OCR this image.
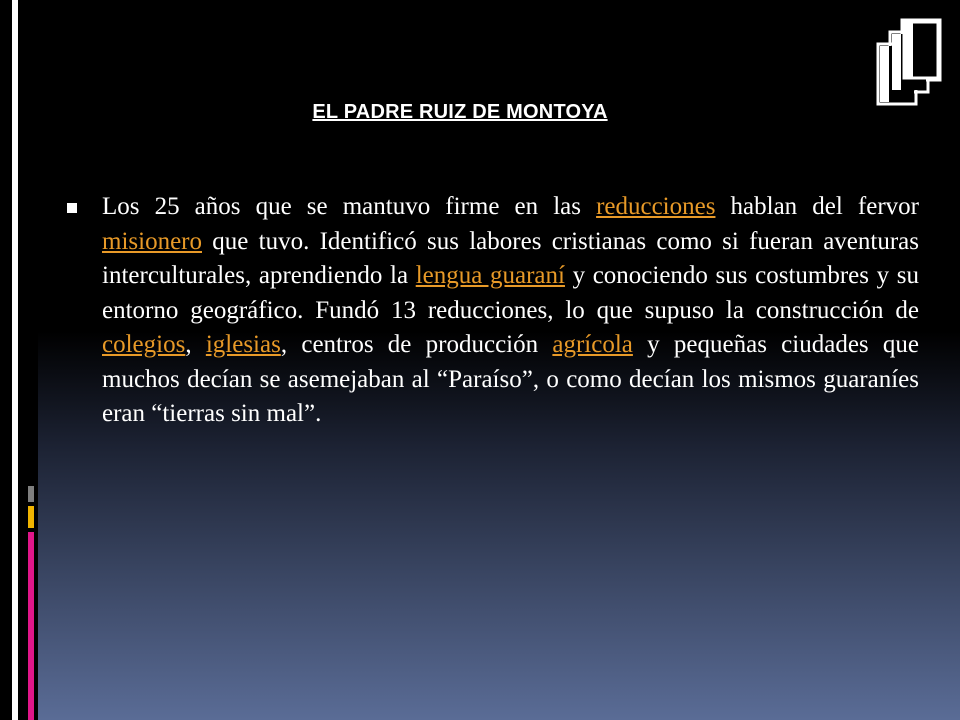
EL PADRE RUIZ DE MONTOYA

Los 25 años que se mantuvo firme en las reducciones hablan del fervor misionero que tuvo. Identificó sus labores cristianas como si fueran aventuras interculturales, aprendiendo la lengua guaraní y conociendo sus costumbres y su entorno geográfico. Fundó 13 reducciones, lo que supuso la construcción de colegios, iglesias, centros de producción agrícola y pequeñas ciudades que muchos decían se asemejaban al “Paraíso”, o como decían los mismos guaraníes eran “tierras sin mal”.
